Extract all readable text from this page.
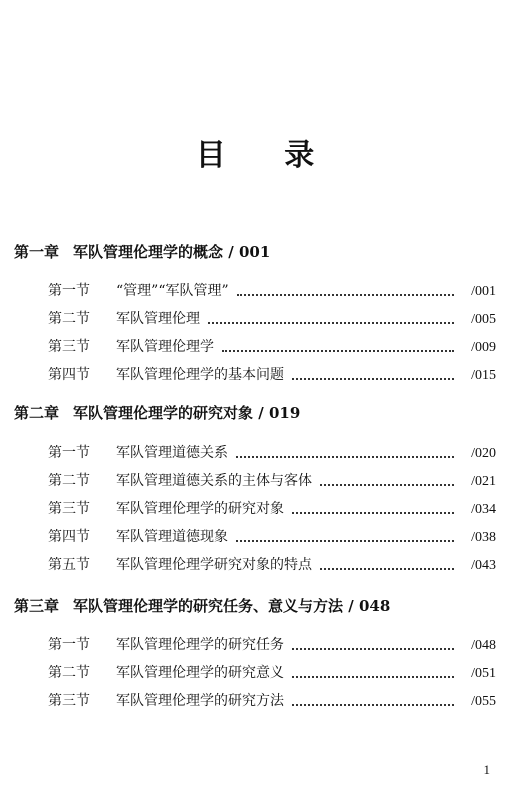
目 录
第一章 军队管理伦理学的概念 / 001
第一节	“管理”“军队管理”	/001
第二节	军队管理伦理	/005
第三节	军队管理伦理学	/009
第四节	军队管理伦理学的基本问题	/015
第二章 军队管理伦理学的研究对象 / 019
第一节	军队管理道德关系	/020
第二节	军队管理道德关系的主体与客体	/021
第三节	军队管理伦理学的研究对象	/034
第四节	军队管理道德现象	/038
第五节	军队管理伦理学研究对象的特点	/043
第三章 军队管理伦理学的研究任务、意义与方法 / 048
第一节	军队管理伦理学的研究任务	/048
第二节	军队管理伦理学的研究意义	/051
第三节	军队管理伦理学的研究方法	/055
1
